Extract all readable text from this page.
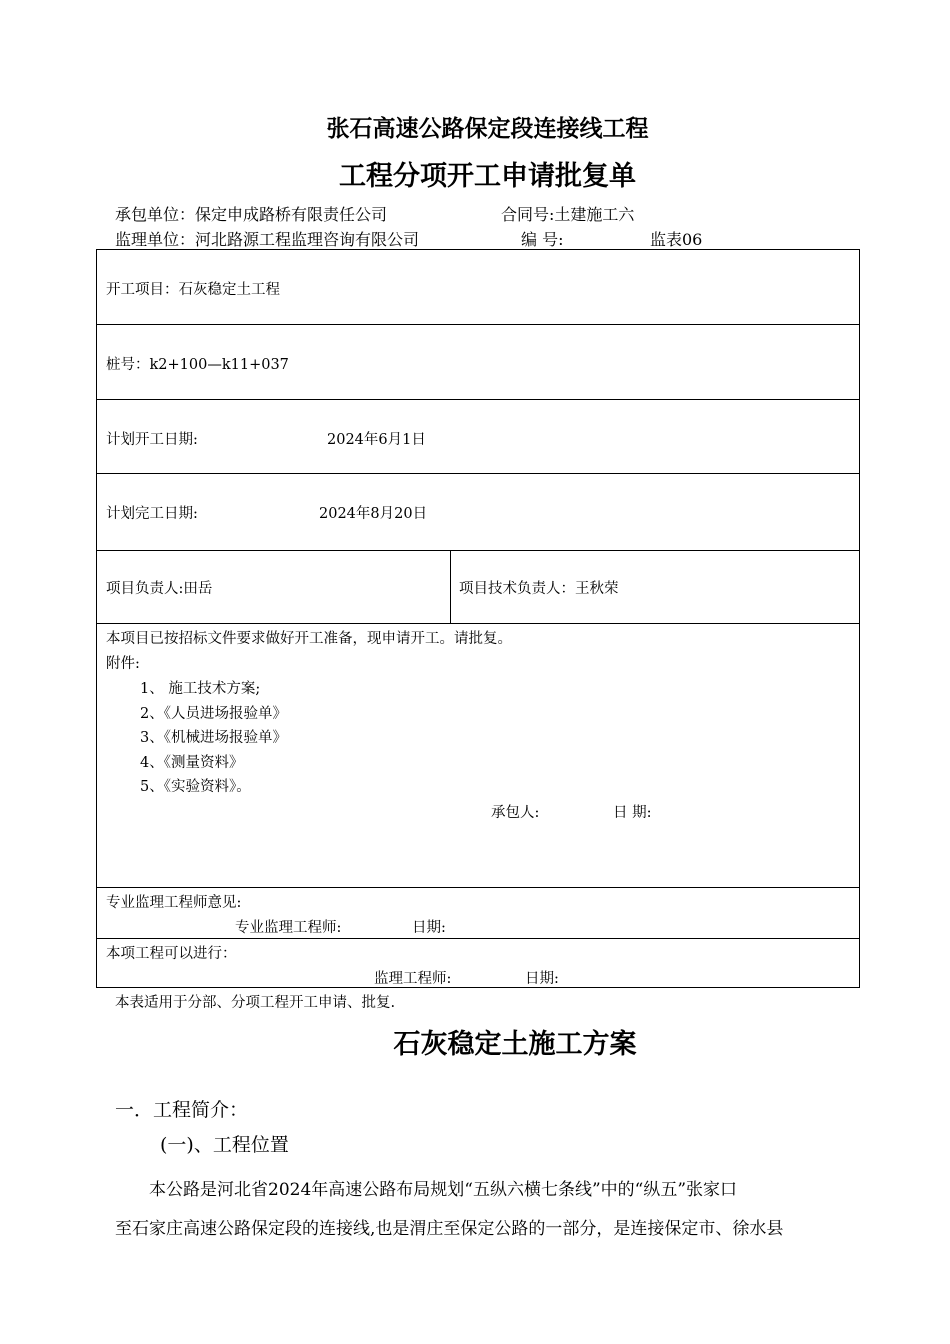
张石高速公路保定段连接线工程
工程分项开工申请批复单
承包单位：保定申成路桥有限责任公司	合同号:土建施工六
监理单位：河北路源工程监理咨询有限公司	编 号:	监表06
开工项目：石灰稳定土工程
桩号：k2+100—k11+037
计划开工日期:	2024年6月1日
计划完工日期:	2024年8月20日
项目负责人:田岳	项目技术负责人：王秋荣
本项目已按招标文件要求做好开工准备，现申请开工。请批复。
附件:
1、 施工技术方案;
2、《人员进场报验单》
3、《机械进场报验单》
4、《测量资料》
5、《实验资料》。
承包人:	日 期:
专业监理工程师意见:
专业监理工程师:	日期:
本项工程可以进行：
监理工程师:	日期:
本表适用于分部、分项工程开工申请、批复.
石灰稳定土施工方案
一．工程简介：
(一)、工程位置
本公路是河北省2024年高速公路布局规划“五纵六横七条线”中的“纵五”张家口
至石家庄高速公路保定段的连接线,也是渭庄至保定公路的一部分，是连接保定市、徐水县
